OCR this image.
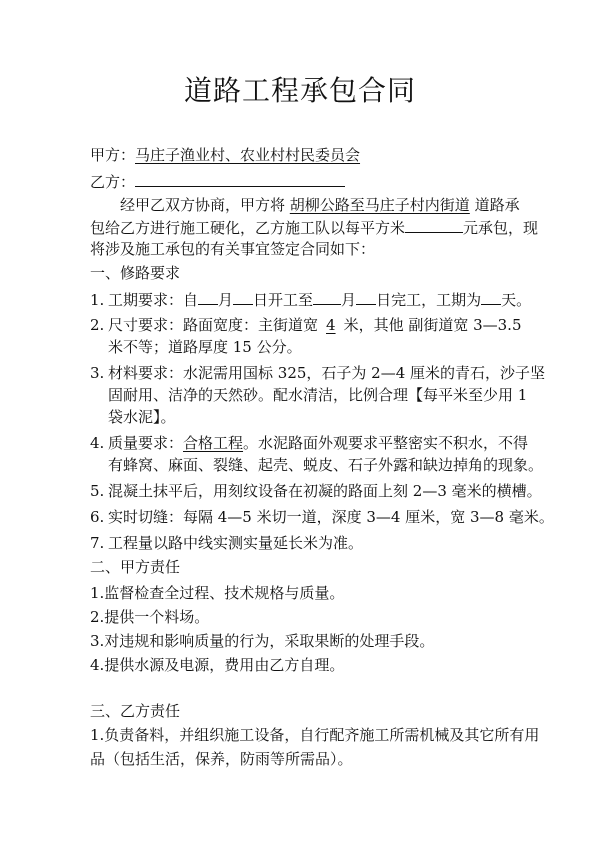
道路工程承包合同
甲方：马庄子渔业村、农业村村民委员会
乙方：
经甲乙双方协商，甲方将 胡柳公路至马庄子村内街道 道路承
包给乙方进行施工硬化，乙方施工队以每平方米	元承包，现
将涉及施工承包的有关事宜签定合同如下：
一、修路要求
1. 工期要求：自 月 日开工至 月 日完工，工期为 天。
2. 尺寸要求：路面宽度：主街道宽 4 米，其他 副街道宽 3—3.5
米不等；道路厚度 15 公分。
3. 材料要求：水泥需用国标 325，石子为 2—4 厘米的青石，沙子坚
固耐用、洁净的天然砂。配水清洁，比例合理【每平米至少用 1
袋水泥】。
4. 质量要求：合格工程。水泥路面外观要求平整密实不积水，不得
有蜂窝、麻面、裂缝、起壳、蜕皮、石子外露和缺边掉角的现象。
5. 混凝土抹平后，用刻纹设备在初凝的路面上刻 2—3 毫米的横槽。
6. 实时切缝：每隔 4—5 米切一道，深度 3—4 厘米，宽 3—8 毫米。
7. 工程量以路中线实测实量延长米为准。
二、甲方责任
1.监督检查全过程、技术规格与质量。
2.提供一个料场。
3.对违规和影响质量的行为，采取果断的处理手段。
4.提供水源及电源，费用由乙方自理。
三、乙方责任
1.负责备料，并组织施工设备，自行配齐施工所需机械及其它所有用
品（包括生活，保养，防雨等所需品）。
